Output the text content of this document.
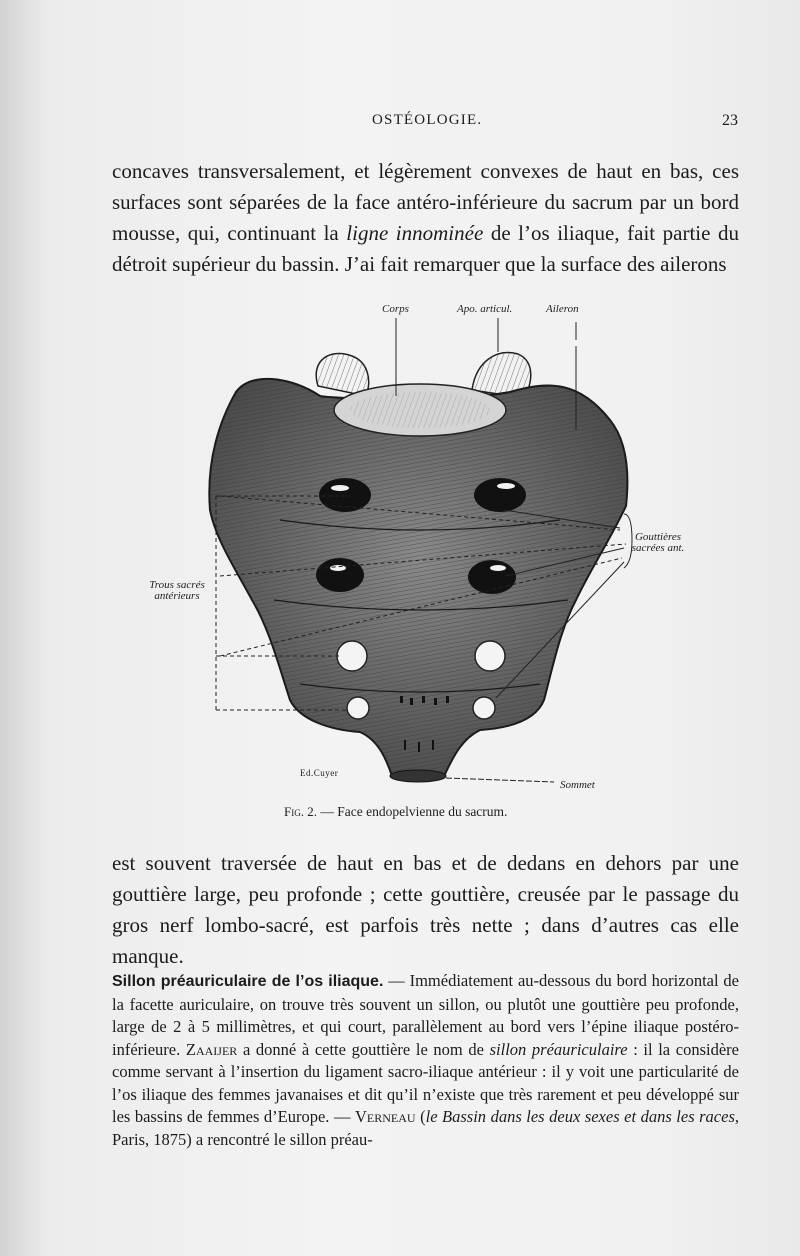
OSTÉOLOGIE.	23

concaves transversalement, et légèrement convexes de haut en bas, ces surfaces sont séparées de la face antéro-inférieure du sacrum par un bord mousse, qui, continuant la ligne innominée de l’os iliaque, fait partie du détroit supérieur du bassin. J’ai fait remarquer que la surface des ailerons

Corps	Apo. articul.	Aileron
Gouttières sacrées ant.
Trous sacrés antérieurs
Sommet
Ed.Cuyer
Fig. 2. — Face endopelvienne du sacrum.

est souvent traversée de haut en bas et de dedans en dehors par une gouttière large, peu profonde ; cette gouttière, creusée par le passage du gros nerf lombo-sacré, est parfois très nette ; dans d’autres cas elle manque.

Sillon préauriculaire de l’os iliaque. — Immédiatement au-dessous du bord horizontal de la facette auriculaire, on trouve très souvent un sillon, ou plutôt une gouttière peu profonde, large de 2 à 5 millimètres, et qui court, parallèlement au bord vers l’épine iliaque postéro-inférieure. Zaaijer a donné à cette gouttière le nom de sillon préauriculaire : il la considère comme servant à l’insertion du ligament sacro-iliaque antérieur : il y voit une particularité de l’os iliaque des femmes javanaises et dit qu’il n’existe que très rarement et peu développé sur les bassins de femmes d’Europe. — Verneau (le Bassin dans les deux sexes et dans les races, Paris, 1875) a rencontré le sillon préau-
